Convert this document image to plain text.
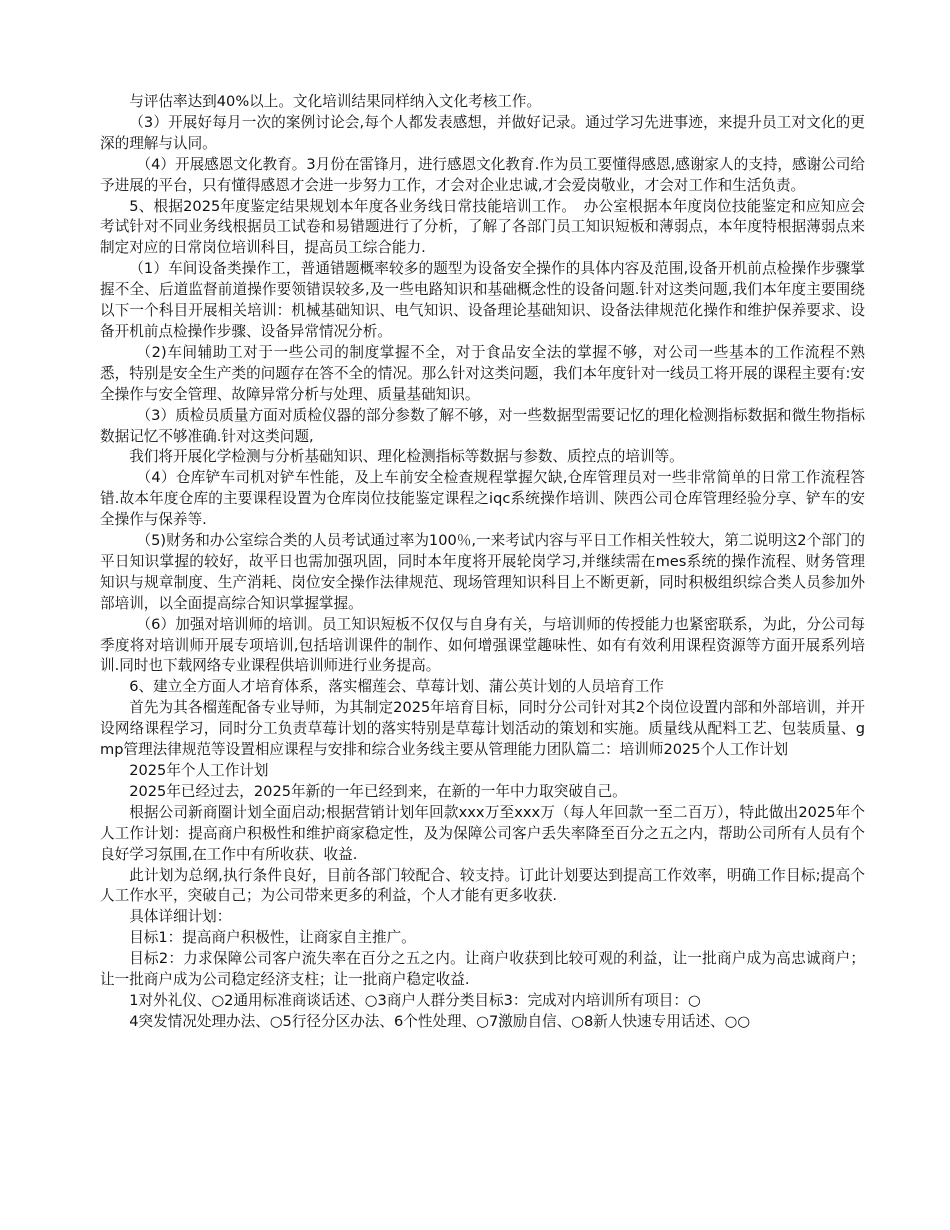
与评估率达到40%以上。文化培训结果同样纳入文化考核工作。

（3）开展好每月一次的案例讨论会,每个人都发表感想，并做好记录。通过学习先进事迹，来提升员工对文化的更深的理解与认同。

（4）开展感恩文化教育。3月份在雷锋月，进行感恩文化教育.作为员工要懂得感恩,感谢家人的支持，感谢公司给予进展的平台，只有懂得感恩才会进一步努力工作，才会对企业忠诚,才会爱岗敬业，才会对工作和生活负责。

5、根据2025年度鉴定结果规划本年度各业务线日常技能培训工作。　办公室根据本年度岗位技能鉴定和应知应会考试针对不同业务线根据员工试卷和易错题进行了分析，了解了各部门员工知识短板和薄弱点，本年度特根据薄弱点来制定对应的日常岗位培训科目，提高员工综合能力.

（1）车间设备类操作工，普通错题概率较多的题型为设备安全操作的具体内容及范围,设备开机前点检操作步骤掌握不全、后道监督前道操作要领错误较多,及一些电路知识和基础概念性的设备问题.针对这类问题,我们本年度主要围绕以下一个科目开展相关培训：机械基础知识、电气知识、设备理论基础知识、设备法律规范化操作和维护保养要求、设备开机前点检操作步骤、设备异常情况分析。

（2)车间辅助工对于一些公司的制度掌握不全，对于食品安全法的掌握不够，对公司一些基本的工作流程不熟悉，特别是安全生产类的问题存在答不全的情况。那么针对这类问题，我们本年度针对一线员工将开展的课程主要有:安全操作与安全管理、故障异常分析与处理、质量基础知识。

（3）质检员质量方面对质检仪器的部分参数了解不够，对一些数据型需要记忆的理化检测指标数据和微生物指标数据记忆不够准确.针对这类问题,

我们将开展化学检测与分析基础知识、理化检测指标等数据与参数、质控点的培训等。

（4）仓库铲车司机对铲车性能，及上车前安全检查规程掌握欠缺,仓库管理员对一些非常简单的日常工作流程答错.故本年度仓库的主要课程设置为仓库岗位技能鉴定课程之iqc系统操作培训、陕西公司仓库管理经验分享、铲车的安全操作与保养等.

（5)财务和办公室综合类的人员考试通过率为100％,一来考试内容与平日工作相关性较大，第二说明这2个部门的平日知识掌握的较好，故平日也需加强巩固，同时本年度将开展轮岗学习,并继续需在mes系统的操作流程、财务管理知识与规章制度、生产消耗、岗位安全操作法律规范、现场管理知识科目上不断更新，同时积极组织综合类人员参加外部培训，以全面提高综合知识掌握掌握。

（6）加强对培训师的培训。员工知识短板不仅仅与自身有关，与培训师的传授能力也紧密联系，为此，分公司每季度将对培训师开展专项培训,包括培训课件的制作、如何增强课堂趣味性、如有有效利用课程资源等方面开展系列培训.同时也下载网络专业课程供培训师进行业务提高。

6、建立全方面人才培育体系，落实榴莲会、草莓计划、蒲公英计划的人员培育工作

首先为其各榴莲配备专业导师，为其制定2025年培育目标，同时分公司针对其2个岗位设置内部和外部培训，并开设网络课程学习，同时分工负责草莓计划的落实特别是草莓计划活动的策划和实施。质量线从配料工艺、包装质量、gmp管理法律规范等设置相应课程与安排和综合业务线主要从管理能力团队篇二：培训师2025个人工作计划

2025年个人工作计划

2025年已经过去，2025年新的一年已经到来，在新的一年中力取突破自己。

根据公司新商圈计划全面启动;根据营销计划年回款xxx万至xxx万（每人年回款一至二百万），特此做出2025年个人工作计划：提高商户积极性和维护商家稳定性，及为保障公司客户丢失率降至百分之五之内，帮助公司所有人员有个良好学习氛围,在工作中有所收获、收益.

此计划为总纲,执行条件良好，目前各部门较配合、较支持。订此计划要达到提高工作效率，明确工作目标;提高个人工作水平，突破自己；为公司带来更多的利益，个人才能有更多收获.

具体详细计划：

目标1：提高商户积极性，让商家自主推广。

目标2：力求保障公司客户流失率在百分之五之内。让商户收获到比较可观的利益，让一批商户成为高忠诚商户；让一批商户成为公司稳定经济支柱；让一批商户稳定收益.

1对外礼仪、○2通用标准商谈话述、○3商户人群分类目标3：完成对内培训所有项目：○

4突发情况处理办法、○5行径分区办法、6个性处理、○7激励自信、○8新人快速专用话述、○○
